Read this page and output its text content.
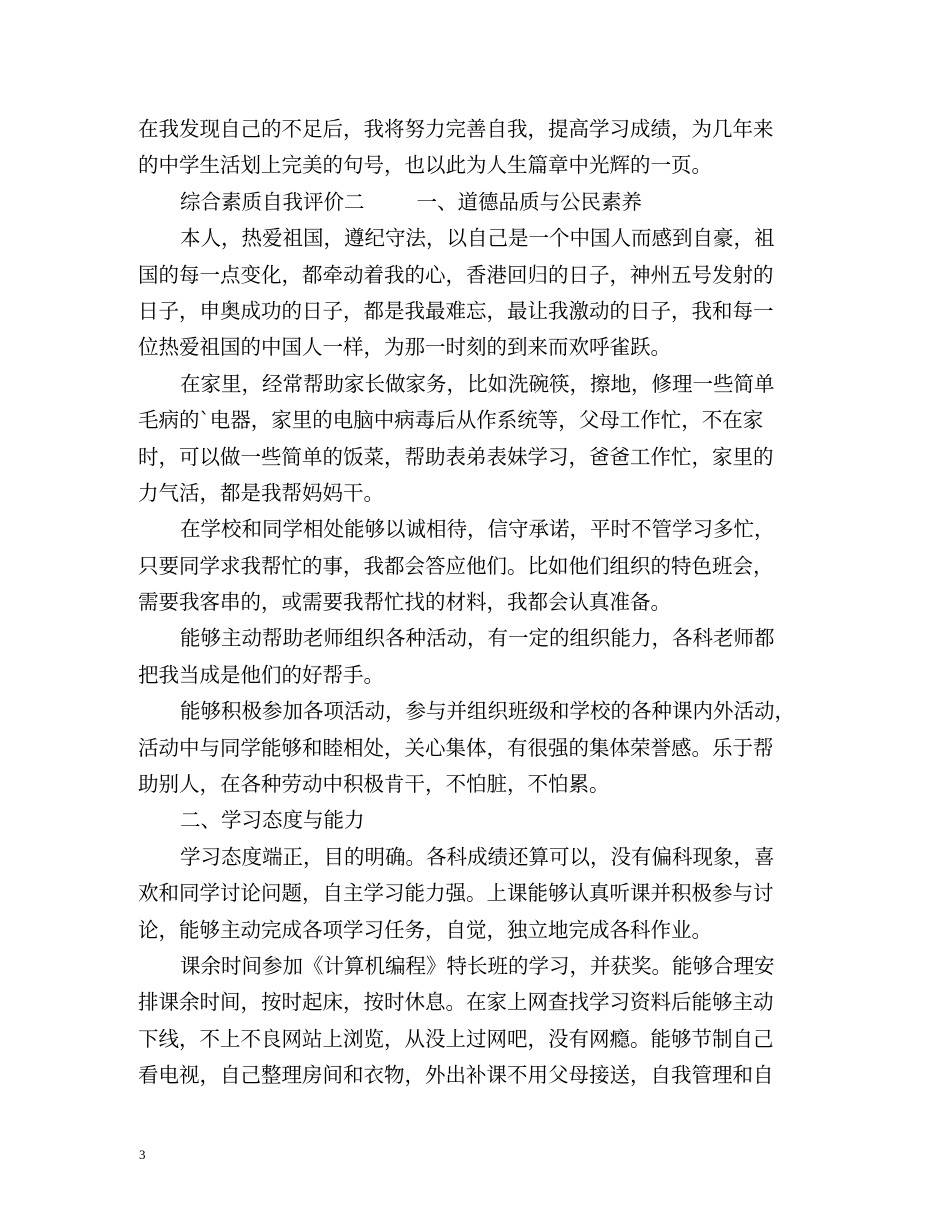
在我发现自己的不足后，我将努力完善自我，提高学习成绩，为几年来
的中学生活划上完美的句号，也以此为人生篇章中光辉的一页。
综合素质自我评价二	一、道德品质与公民素养
本人，热爱祖国，遵纪守法，以自己是一个中国人而感到自豪，祖
国的每一点变化，都牵动着我的心，香港回归的日子，神州五号发射的
日子，申奥成功的日子，都是我最难忘，最让我激动的日子，我和每一
位热爱祖国的中国人一样，为那一时刻的到来而欢呼雀跃。
在家里，经常帮助家长做家务，比如洗碗筷，擦地，修理一些简单
毛病的`电器，家里的电脑中病毒后从作系统等，父母工作忙，不在家
时，可以做一些简单的饭菜，帮助表弟表妹学习，爸爸工作忙，家里的
力气活，都是我帮妈妈干。
在学校和同学相处能够以诚相待，信守承诺，平时不管学习多忙，
只要同学求我帮忙的事，我都会答应他们。比如他们组织的特色班会，
需要我客串的，或需要我帮忙找的材料，我都会认真准备。
能够主动帮助老师组织各种活动，有一定的组织能力，各科老师都
把我当成是他们的好帮手。
能够积极参加各项活动，参与并组织班级和学校的各种课内外活动，
活动中与同学能够和睦相处，关心集体，有很强的集体荣誉感。乐于帮
助别人，在各种劳动中积极肯干，不怕脏，不怕累。
二、学习态度与能力
学习态度端正，目的明确。各科成绩还算可以，没有偏科现象，喜
欢和同学讨论问题，自主学习能力强。上课能够认真听课并积极参与讨
论，能够主动完成各项学习任务，自觉，独立地完成各科作业。
课余时间参加《计算机编程》特长班的学习，并获奖。能够合理安
排课余时间，按时起床，按时休息。在家上网查找学习资料后能够主动
下线，不上不良网站上浏览，从没上过网吧，没有网瘾。能够节制自己
看电视，自己整理房间和衣物，外出补课不用父母接送，自我管理和自
3
